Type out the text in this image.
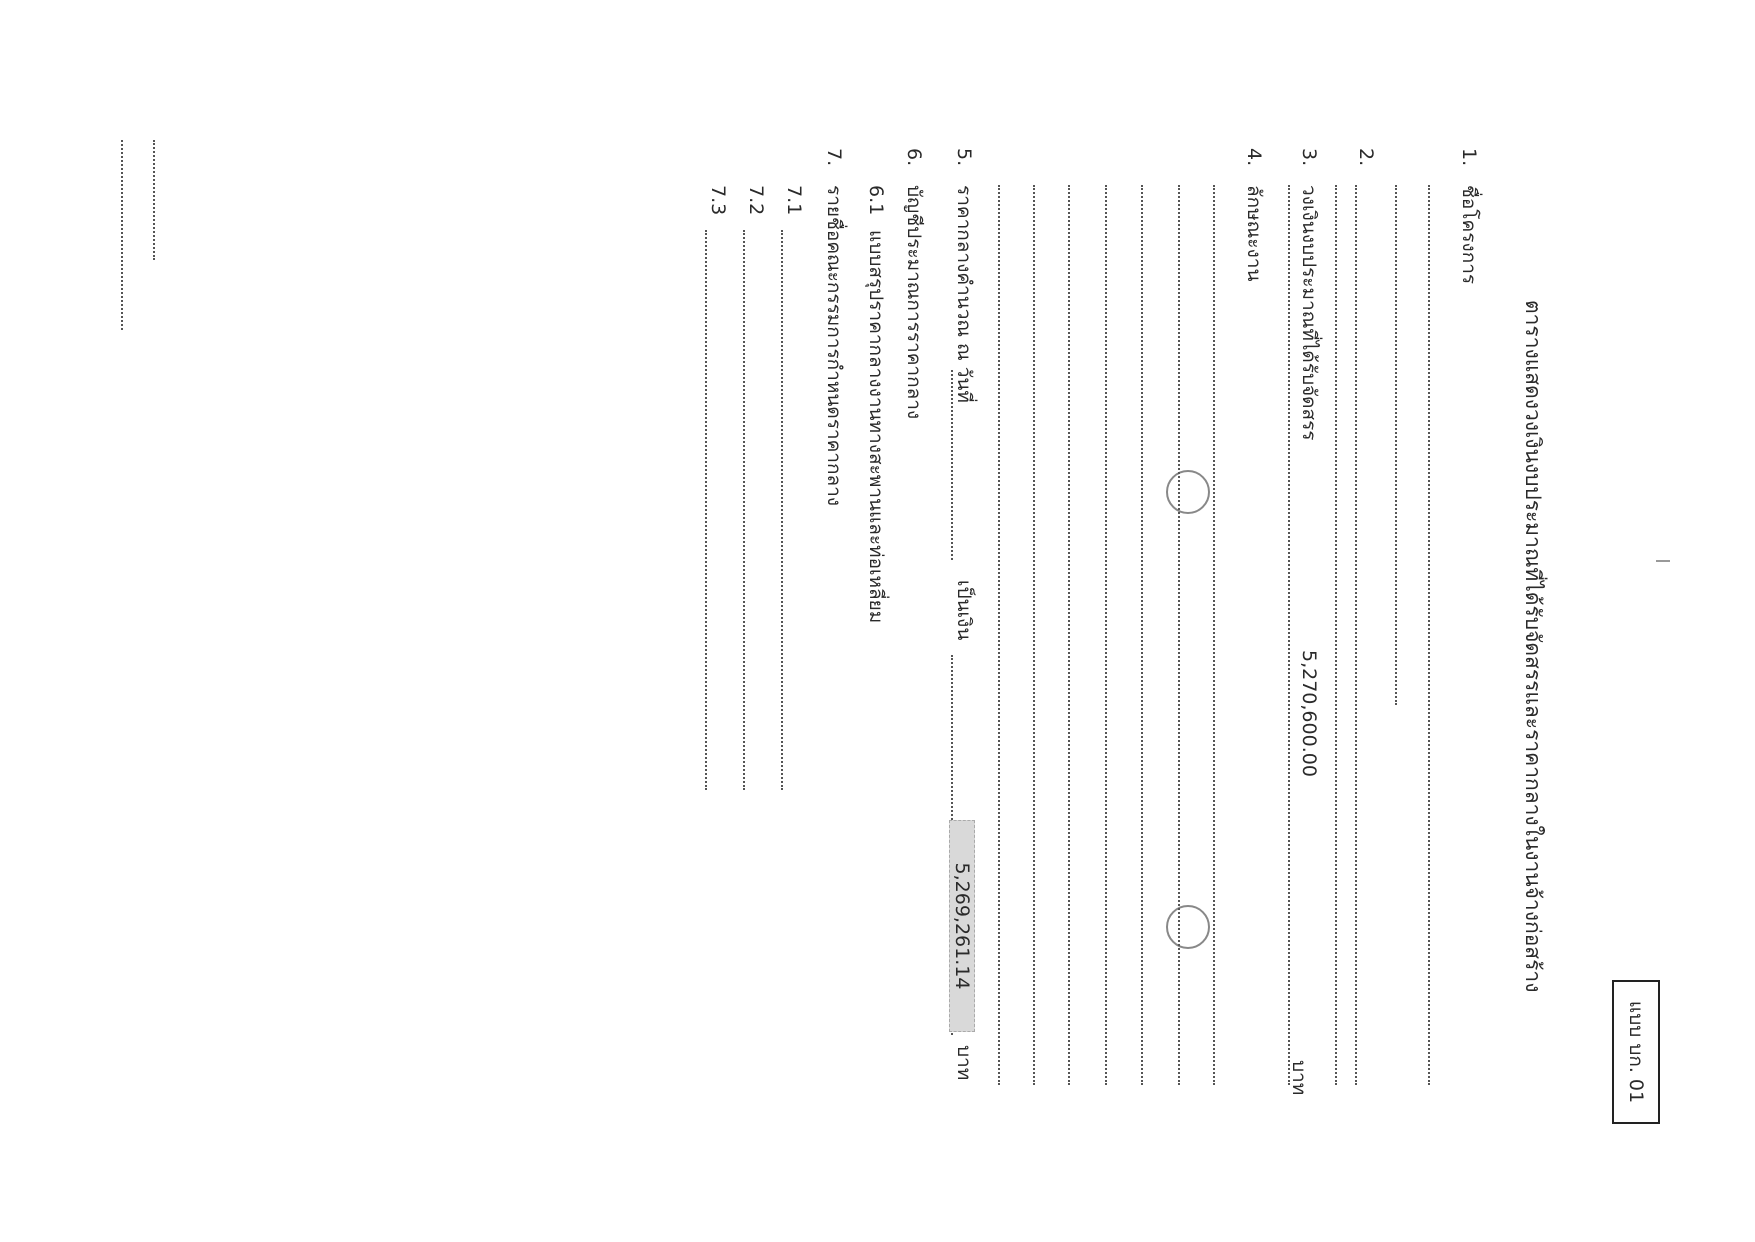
แบบ บก. 01
ตารางแสดงวงเงินงบประมาณที่ได้รับจัดสรรและราคากลางในงานจ้างก่อสร้าง
1.
ชื่อโครงการ
2.
3.
วงเงินงบประมาณที่ได้รับจัดสรร
5,270,600.00
บาท
4.
ลักษณะงาน
5.
ราคากลางคำนวณ ณ วันที่
เป็นเงิน
5,269,261.14
บาท
6.
บัญชีประมาณการราคากลาง
6.1
แบบสรุปราคากลางงานทางสะพานและท่อเหลี่ยม
7.
รายชื่อคณะกรรมการกำหนดราคากลาง
7.1
7.2
7.3
